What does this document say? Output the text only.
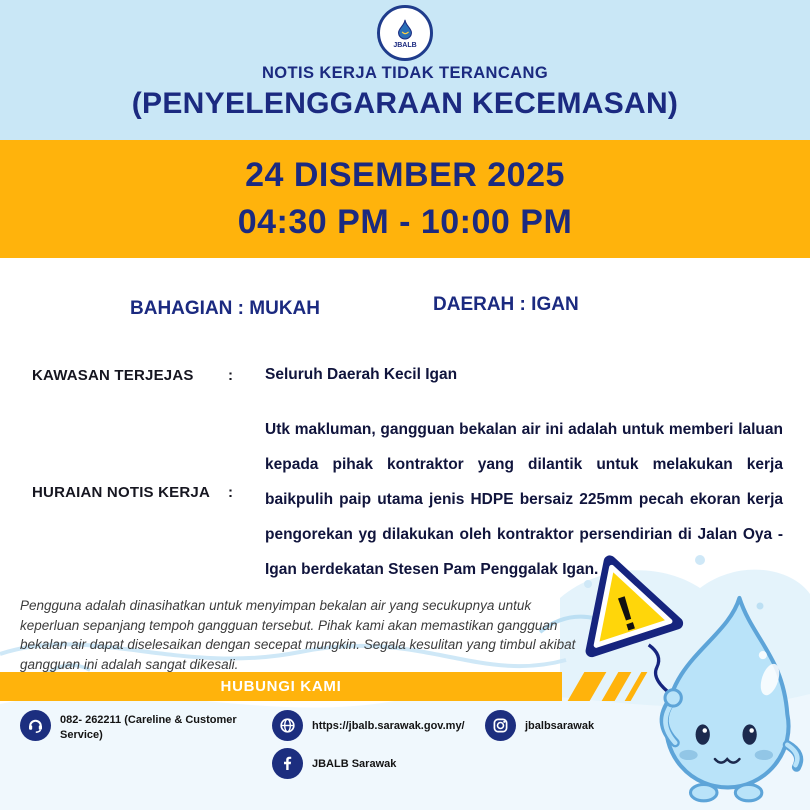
JBALB
NOTIS KERJA TIDAK TERANCANG
(PENYELENGGARAAN KECEMASAN)
24 DISEMBER 2025
04:30 PM - 10:00 PM
BAHAGIAN : MUKAH	DAERAH : IGAN
KAWASAN TERJEJAS : Seluruh Daerah Kecil Igan
HURAIAN NOTIS KERJA :
Utk makluman, gangguan bekalan air ini adalah untuk memberi laluan kepada pihak kontraktor yang dilantik untuk melakukan kerja baikpulih paip utama jenis HDPE bersaiz 225mm pecah ekoran kerja pengorekan yg dilakukan oleh kontraktor persendirian di Jalan Oya - Igan berdekatan Stesen Pam Penggalak Igan.
Pengguna adalah dinasihatkan untuk menyimpan bekalan air yang secukupnya untuk keperluan sepanjang tempoh gangguan tersebut. Pihak kami akan memastikan gangguan bekalan air dapat diselesaikan dengan secepat mungkin. Segala kesulitan yang timbul akibat gangguan ini adalah sangat dikesali.
HUBUNGI KAMI
082- 262211 (Careline & Customer Service)
https://jbalb.sarawak.gov.my/	jbalbsarawak
JBALB Sarawak
!
